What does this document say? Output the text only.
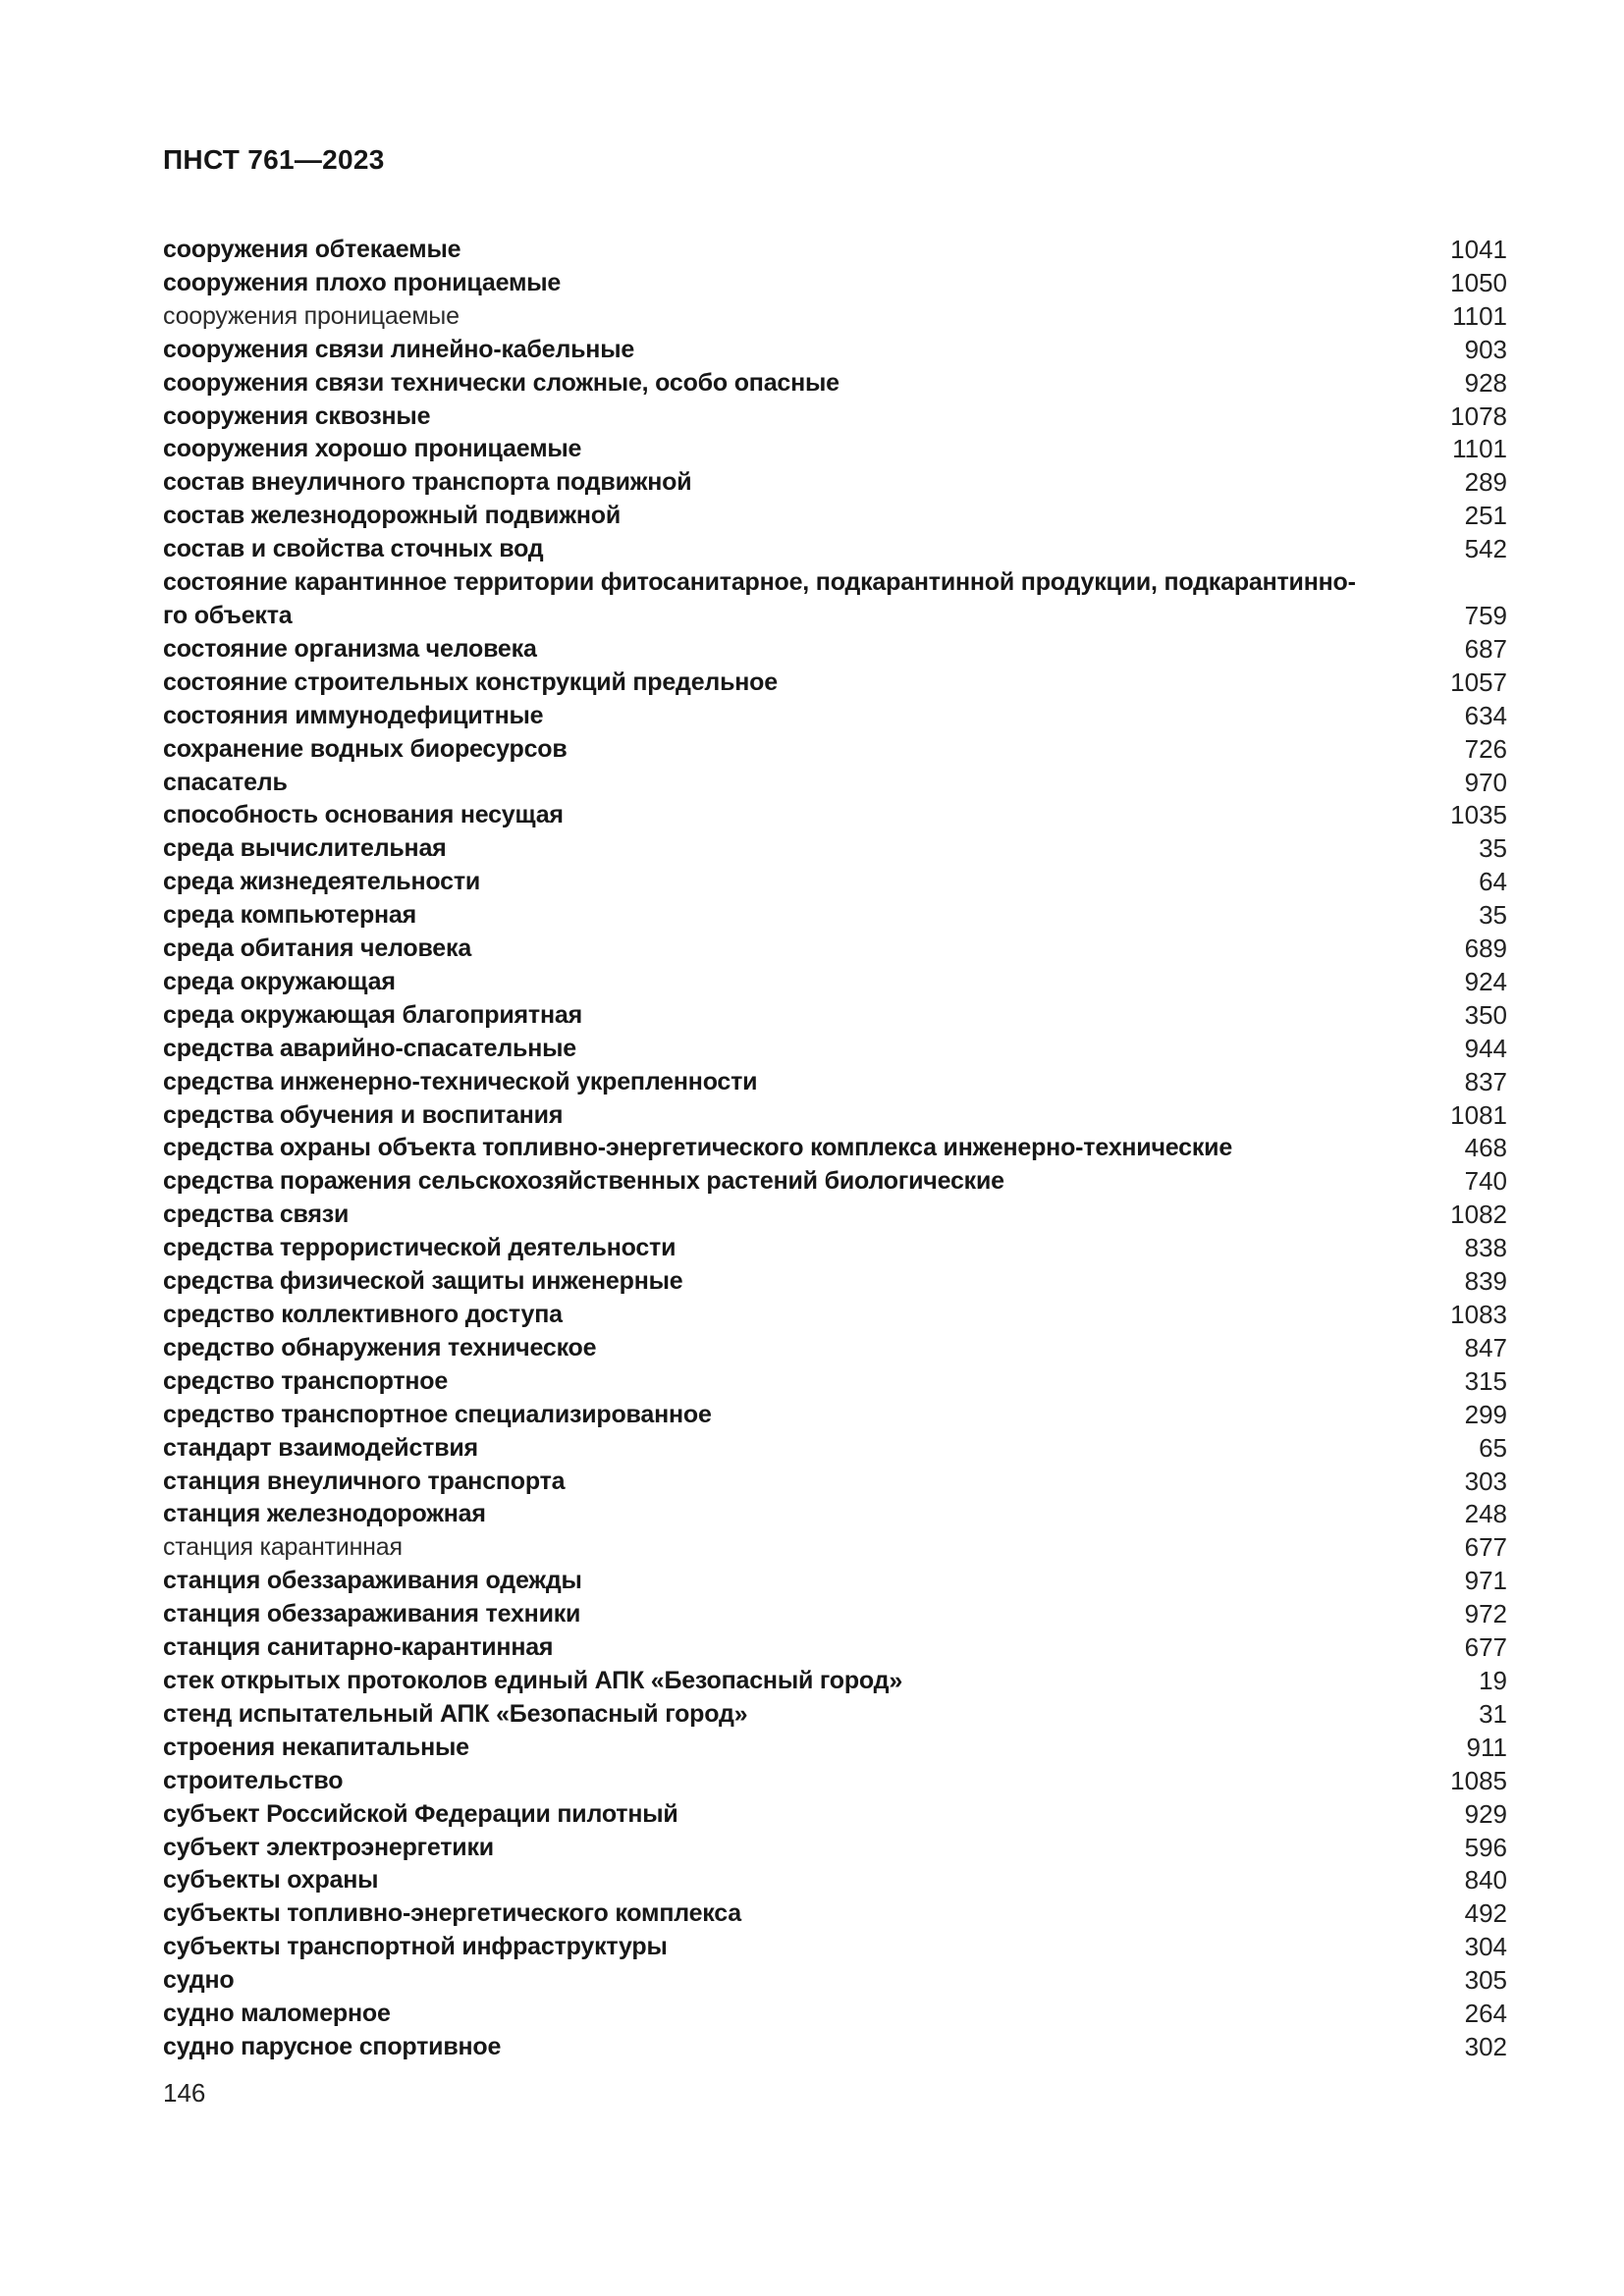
ПНСТ 761—2023
сооружения обтекаемые	1041
сооружения плохо проницаемые	1050
сооружения проницаемые	1101
сооружения связи линейно-кабельные	903
сооружения связи технически сложные, особо опасные	928
сооружения сквозные	1078
сооружения хорошо проницаемые	1101
состав внеуличного транспорта подвижной	289
состав железнодорожный подвижной	251
состав и свойства сточных вод	542
состояние карантинное территории фитосанитарное, подкарантинной продукции, подкарантинно-
го объекта	759
состояние организма человека	687
состояние строительных конструкций предельное	1057
состояния иммунодефицитные	634
сохранение водных биоресурсов	726
спасатель	970
способность основания несущая	1035
среда вычислительная	35
среда жизнедеятельности	64
среда компьютерная	35
среда обитания человека	689
среда окружающая	924
среда окружающая благоприятная	350
средства аварийно-спасательные	944
средства инженерно-технической укрепленности	837
средства обучения и воспитания	1081
средства охраны объекта топливно-энергетического комплекса инженерно-технические	468
средства поражения сельскохозяйственных растений биологические	740
средства связи	1082
средства террористической деятельности	838
средства физической защиты инженерные	839
средство коллективного доступа	1083
средство обнаружения техническое	847
средство транспортное	315
средство транспортное специализированное	299
стандарт взаимодействия	65
станция внеуличного транспорта	303
станция железнодорожная	248
станция карантинная	677
станция обеззараживания одежды	971
станция обеззараживания техники	972
станция санитарно-карантинная	677
стек открытых протоколов единый АПК «Безопасный город»	19
стенд испытательный АПК «Безопасный город»	31
строения некапитальные	911
строительство	1085
субъект Российской Федерации пилотный	929
субъект электроэнергетики	596
субъекты охраны	840
субъекты топливно-энергетического комплекса	492
субъекты транспортной инфраструктуры	304
судно	305
судно маломерное	264
судно парусное спортивное	302
146
